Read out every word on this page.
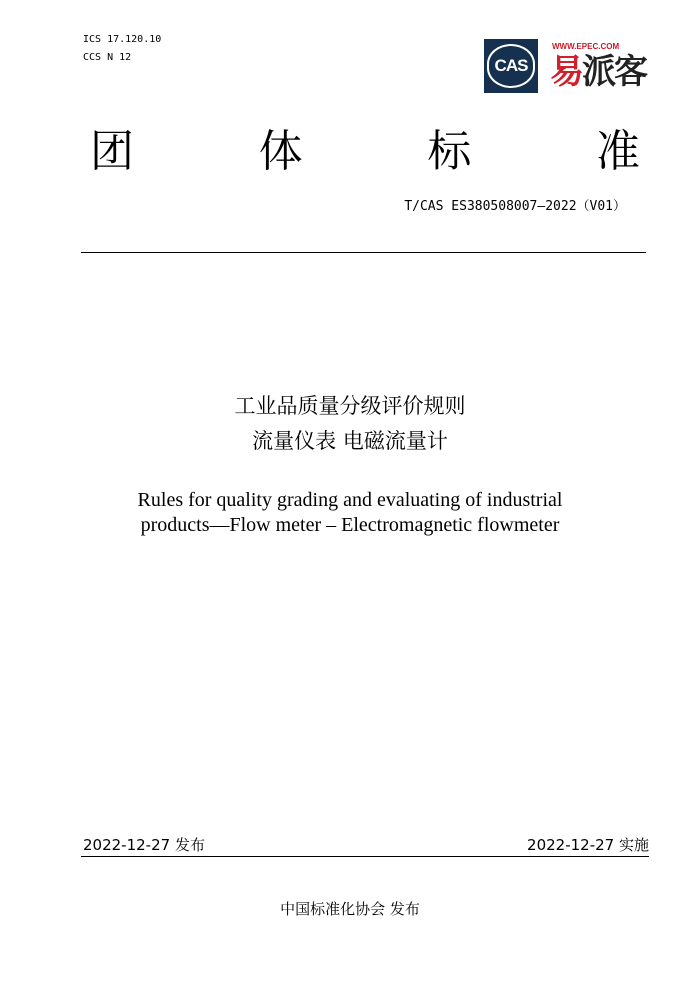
ICS 17.120.10
CCS N 12	CAS
WWW.EPEC.COM
易派客
团	体	标	准
T/CAS ES380508007—2022（V01）
工业品质量分级评价规则
流量仪表 电磁流量计
Rules for quality grading and evaluating of industrial
products—Flow meter – Electromagnetic flowmeter
2022-12-27 发布	2022-12-27 实施
中国标准化协会 发布
